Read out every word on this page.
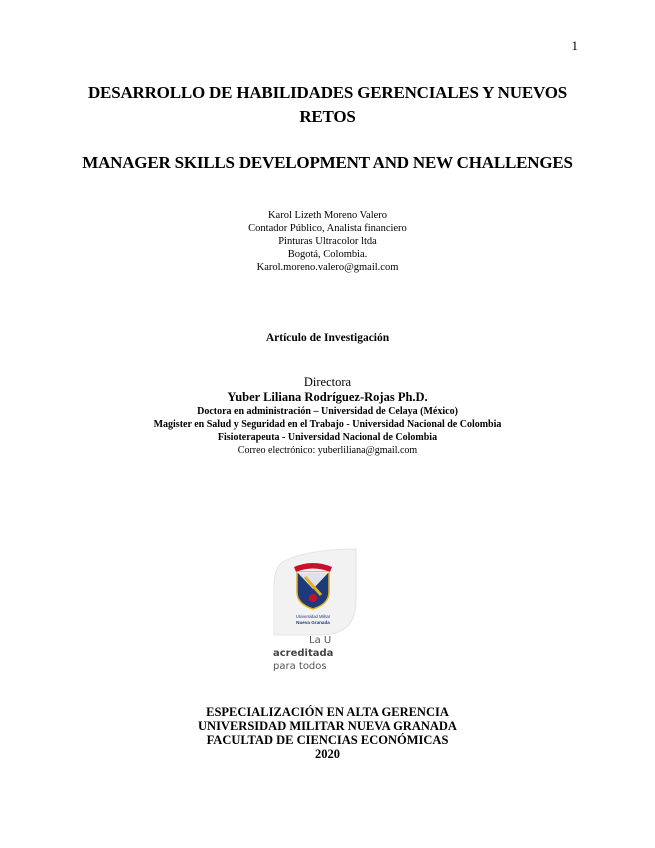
1
DESARROLLO DE HABILIDADES GERENCIALES Y NUEVOS
RETOS
MANAGER SKILLS DEVELOPMENT AND NEW CHALLENGES
Karol Lizeth Moreno Valero
Contador Público, Analista financiero
Pinturas Ultracolor ltda
Bogotá, Colombia.
Karol.moreno.valero@gmail.com
Artículo de Investigación
Directora
Yuber Liliana Rodríguez-Rojas Ph.D.
Doctora en administración – Universidad de Celaya (México)
Magister en Salud y Seguridad en el Trabajo - Universidad Nacional de Colombia
Fisioterapeuta - Universidad Nacional de Colombia
Correo electrónico: yuberliliana@gmail.com
Universidad Militar
Nueva Granada
La U
acreditada
para todos
ESPECIALIZACIÓN EN ALTA GERENCIA
UNIVERSIDAD MILITAR NUEVA GRANADA
FACULTAD DE CIENCIAS ECONÓMICAS
2020
